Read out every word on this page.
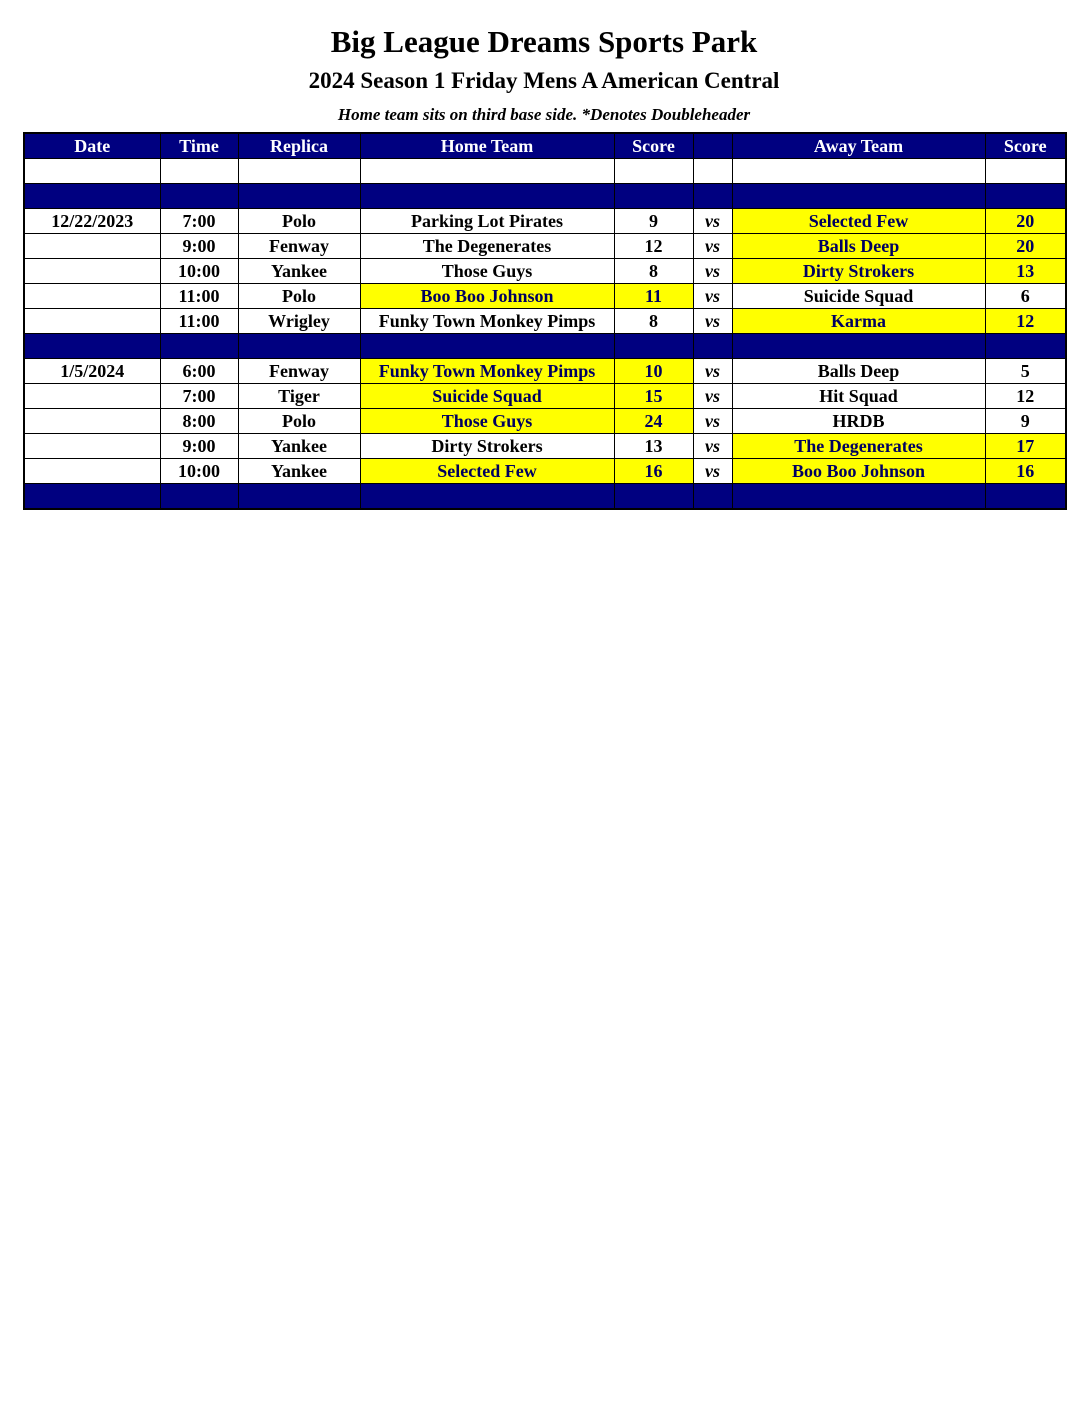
Big League Dreams Sports Park
2024 Season 1 Friday Mens A American Central
Home team sits on third base side. *Denotes Doubleheader
Date	Time	Replica	Home Team	Score		Away Team	Score

12/22/2023	7:00	Polo	Parking Lot Pirates	9	vs	Selected Few	20
	9:00	Fenway	The Degenerates	12	vs	Balls Deep	20
	10:00	Yankee	Those Guys	8	vs	Dirty Strokers	13
	11:00	Polo	Boo Boo Johnson	11	vs	Suicide Squad	6
	11:00	Wrigley	Funky Town Monkey Pimps	8	vs	Karma	12

1/5/2024	6:00	Fenway	Funky Town Monkey Pimps	10	vs	Balls Deep	5
	7:00	Tiger	Suicide Squad	15	vs	Hit Squad	12
	8:00	Polo	Those Guys	24	vs	HRDB	9
	9:00	Yankee	Dirty Strokers	13	vs	The Degenerates	17
	10:00	Yankee	Selected Few	16	vs	Boo Boo Johnson	16
